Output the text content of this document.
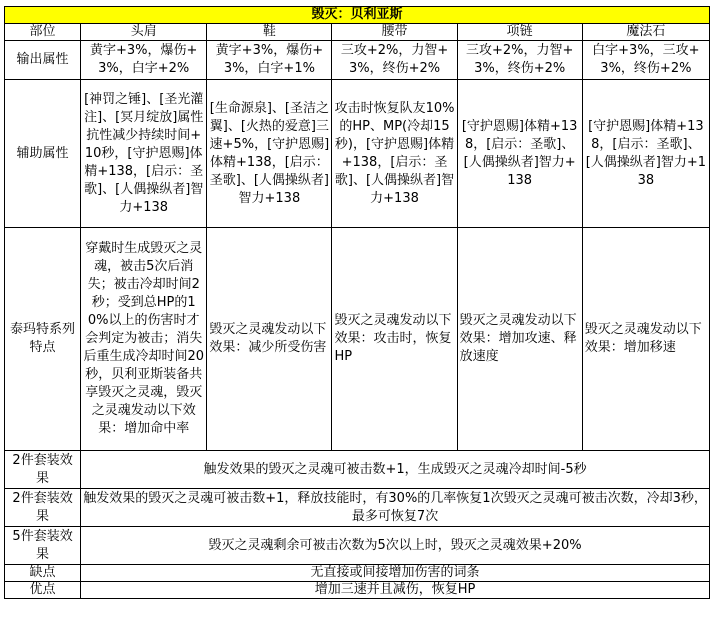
毁灭：贝利亚斯					
部位	头肩	鞋	腰带	项链	魔法石
输出属性	黄字+3%，爆伤+3%，白字+2%	黄字+3%，爆伤+3%，白字+1%	三攻+2%，力智+3%，终伤+2%	三攻+2%，力智+3%，终伤+2%	白字+3%，三攻+3%，终伤+2%
辅助属性	[神罚之锤]、[圣光灌注]、[冥月绽放]属性抗性减少持续时间+10秒，[守护恩赐]体精+138，[启示：圣歌]、[人偶操纵者]智力+138	[生命源泉]、[圣洁之翼]、[火热的爱意]三速+5%，[守护恩赐]体精+138，[启示：圣歌]、[人偶操纵者]智力+138	攻击时恢复队友10%的HP、MP(冷却15秒)，[守护恩赐]体精+138，[启示：圣歌]、[人偶操纵者]智力+138	[守护恩赐]体精+138，[启示：圣歌]、[人偶操纵者]智力+138	[守护恩赐]体精+138，[启示：圣歌]、[人偶操纵者]智力+138
泰玛特系列特点	穿戴时生成毁灭之灵魂，被击5次后消失；被击冷却时间2秒；受到总HP的10%以上的伤害时才会判定为被击；消失后重生成冷却时间20秒，贝利亚斯装备共享毁灭之灵魂，毁灭之灵魂发动以下效果：增加命中率	毁灭之灵魂发动以下效果：减少所受伤害	毁灭之灵魂发动以下效果：攻击时，恢复HP	毁灭之灵魂发动以下效果：增加攻速、释放速度	毁灭之灵魂发动以下效果：增加移速
2件套装效果	触发效果的毁灭之灵魂可被击数+1，生成毁灭之灵魂冷却时间-5秒				
2件套装效果	触发效果的毁灭之灵魂可被击数+1，释放技能时，有30%的几率恢复1次毁灭之灵魂可被击次数，冷却3秒，最多可恢复7次				
5件套装效果	毁灭之灵魂剩余可被击次数为5次以上时，毁灭之灵魂效果+20%				
缺点	无直接或间接增加伤害的词条				
优点	增加三速并且减伤，恢复HP				
